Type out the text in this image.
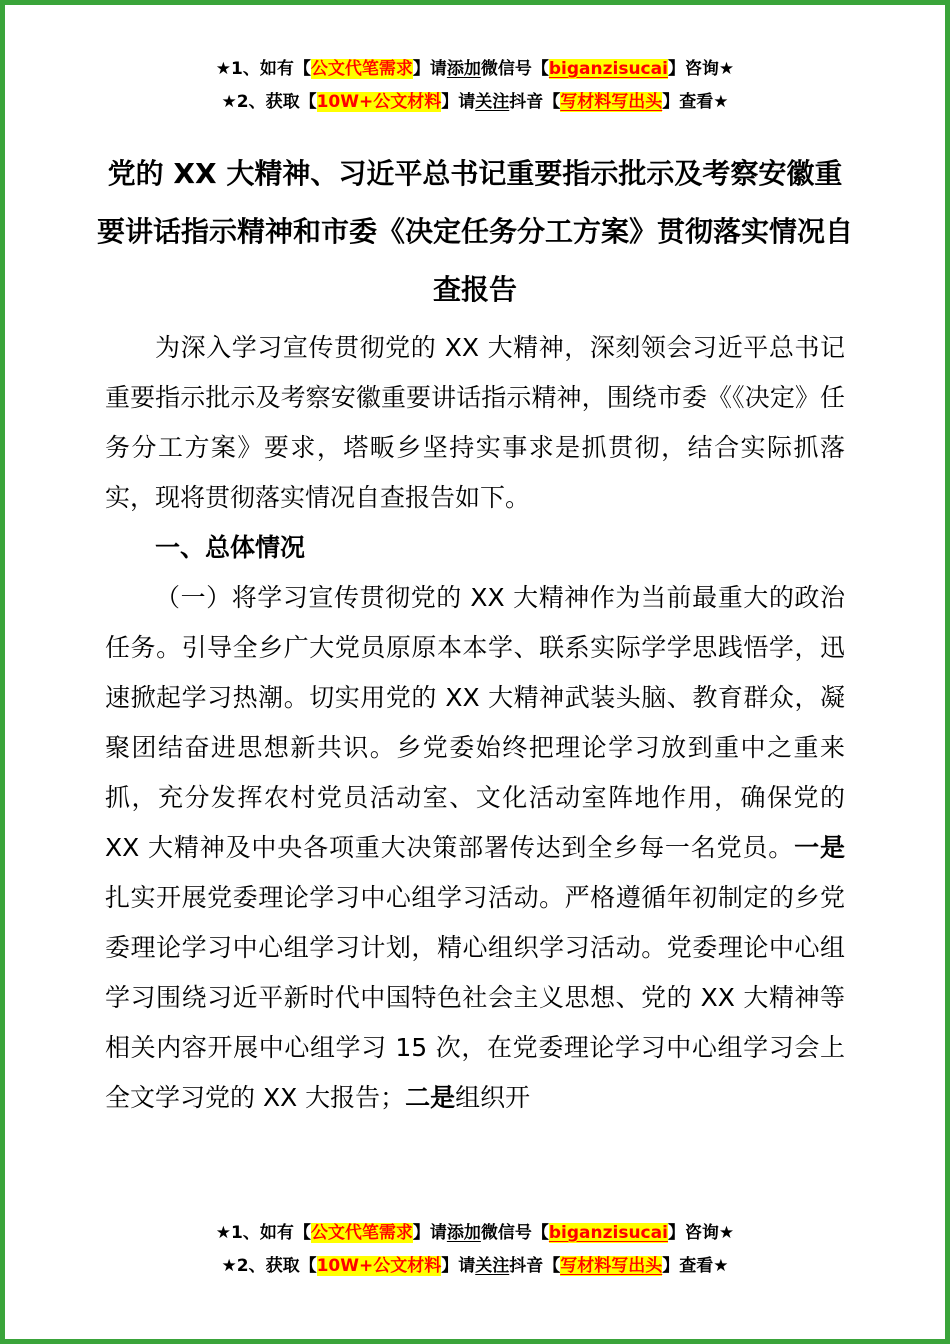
★1、如有【公文代笔需求】请添加微信号【biganzisucai】咨询★
★2、获取【10W+公文材料】请关注抖音【写材料写出头】查看★
党的 XX 大精神、习近平总书记重要指示批示及考察安徽重要讲话指示精神和市委《决定任务分工方案》贯彻落实情况自查报告

为深入学习宣传贯彻党的 XX 大精神，深刻领会习近平总书记重要指示批示及考察安徽重要讲话指示精神，围绕市委《《决定》任务分工方案》要求，塔畈乡坚持实事求是抓贯彻，结合实际抓落实，现将贯彻落实情况自查报告如下。

一、总体情况

（一）将学习宣传贯彻党的 XX 大精神作为当前最重大的政治任务。引导全乡广大党员原原本本学、联系实际学学思践悟学，迅速掀起学习热潮。切实用党的 XX 大精神武装头脑、教育群众，凝聚团结奋进思想新共识。乡党委始终把理论学习放到重中之重来抓，充分发挥农村党员活动室、文化活动室阵地作用，确保党的 XX 大精神及中央各项重大决策部署传达到全乡每一名党员。一是扎实开展党委理论学习中心组学习活动。严格遵循年初制定的乡党委理论学习中心组学习计划，精心组织学习活动。党委理论中心组学习围绕习近平新时代中国特色社会主义思想、党的 XX 大精神等相关内容开展中心组学习 15 次，在党委理论学习中心组学习会上全文学习党的 XX 大报告；二是组织开

★1、如有【公文代笔需求】请添加微信号【biganzisucai】咨询★
★2、获取【10W+公文材料】请关注抖音【写材料写出头】查看★
